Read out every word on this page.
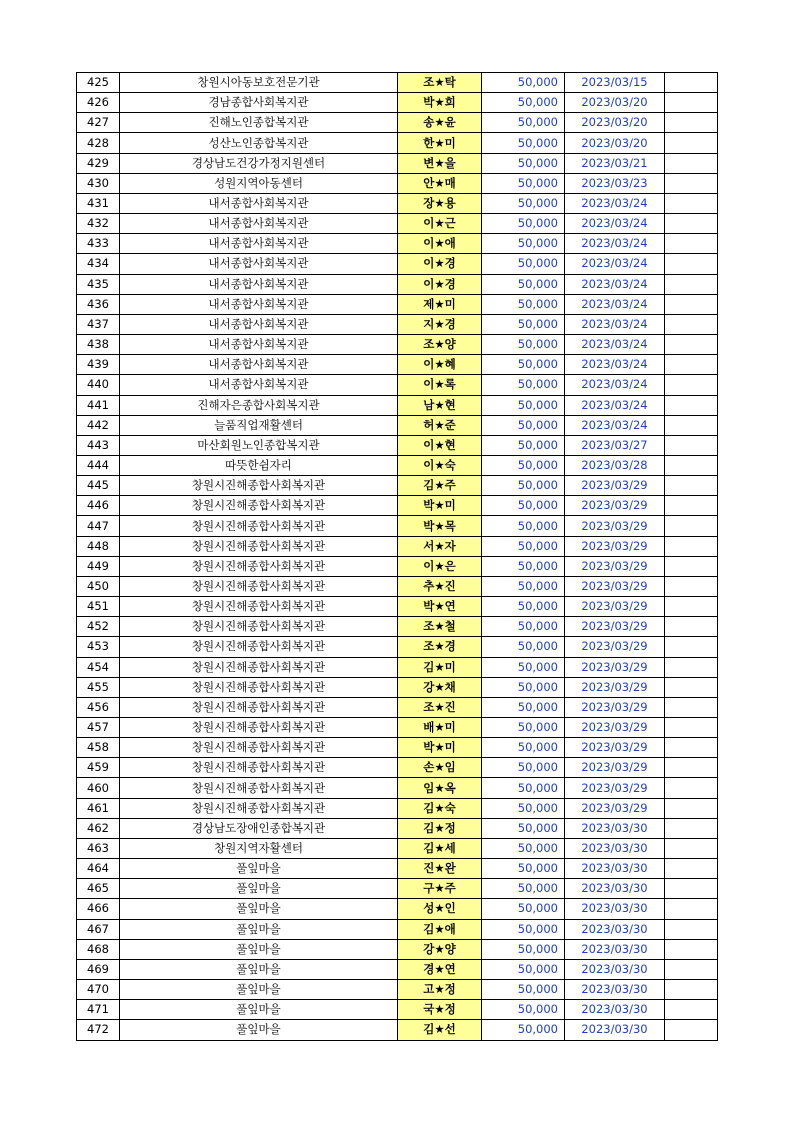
425	창원시아동보호전문기관	조★탁	50,000	2023/03/15	
426	경남종합사회복지관	박★희	50,000	2023/03/20	
427	진해노인종합복지관	송★윤	50,000	2023/03/20	
428	성산노인종합복지관	한★미	50,000	2023/03/20	
429	경상남도건강가정지원센터	변★을	50,000	2023/03/21	
430	성원지역아동센터	안★매	50,000	2023/03/23	
431	내서종합사회복지관	장★용	50,000	2023/03/24	
432	내서종합사회복지관	이★근	50,000	2023/03/24	
433	내서종합사회복지관	이★애	50,000	2023/03/24	
434	내서종합사회복지관	이★경	50,000	2023/03/24	
435	내서종합사회복지관	이★경	50,000	2023/03/24	
436	내서종합사회복지관	제★미	50,000	2023/03/24	
437	내서종합사회복지관	지★경	50,000	2023/03/24	
438	내서종합사회복지관	조★양	50,000	2023/03/24	
439	내서종합사회복지관	이★혜	50,000	2023/03/24	
440	내서종합사회복지관	이★록	50,000	2023/03/24	
441	진해자은종합사회복지관	남★현	50,000	2023/03/24	
442	늘품직업재활센터	허★준	50,000	2023/03/24	
443	마산회원노인종합복지관	이★현	50,000	2023/03/27	
444	따뜻한쉼자리	이★숙	50,000	2023/03/28	
445	창원시진해종합사회복지관	김★주	50,000	2023/03/29	
446	창원시진해종합사회복지관	박★미	50,000	2023/03/29	
447	창원시진해종합사회복지관	박★목	50,000	2023/03/29	
448	창원시진해종합사회복지관	서★자	50,000	2023/03/29	
449	창원시진해종합사회복지관	이★은	50,000	2023/03/29	
450	창원시진해종합사회복지관	추★진	50,000	2023/03/29	
451	창원시진해종합사회복지관	박★연	50,000	2023/03/29	
452	창원시진해종합사회복지관	조★철	50,000	2023/03/29	
453	창원시진해종합사회복지관	조★경	50,000	2023/03/29	
454	창원시진해종합사회복지관	김★미	50,000	2023/03/29	
455	창원시진해종합사회복지관	강★채	50,000	2023/03/29	
456	창원시진해종합사회복지관	조★진	50,000	2023/03/29	
457	창원시진해종합사회복지관	배★미	50,000	2023/03/29	
458	창원시진해종합사회복지관	박★미	50,000	2023/03/29	
459	창원시진해종합사회복지관	손★임	50,000	2023/03/29	
460	창원시진해종합사회복지관	임★옥	50,000	2023/03/29	
461	창원시진해종합사회복지관	김★숙	50,000	2023/03/29	
462	경상남도장애인종합복지관	김★정	50,000	2023/03/30	
463	창원지역자활센터	김★세	50,000	2023/03/30	
464	풀잎마을	진★완	50,000	2023/03/30	
465	풀잎마을	구★주	50,000	2023/03/30	
466	풀잎마을	성★인	50,000	2023/03/30	
467	풀잎마을	김★애	50,000	2023/03/30	
468	풀잎마을	강★양	50,000	2023/03/30	
469	풀잎마을	경★연	50,000	2023/03/30	
470	풀잎마을	고★정	50,000	2023/03/30	
471	풀잎마을	국★정	50,000	2023/03/30	
472	풀잎마을	김★선	50,000	2023/03/30	
